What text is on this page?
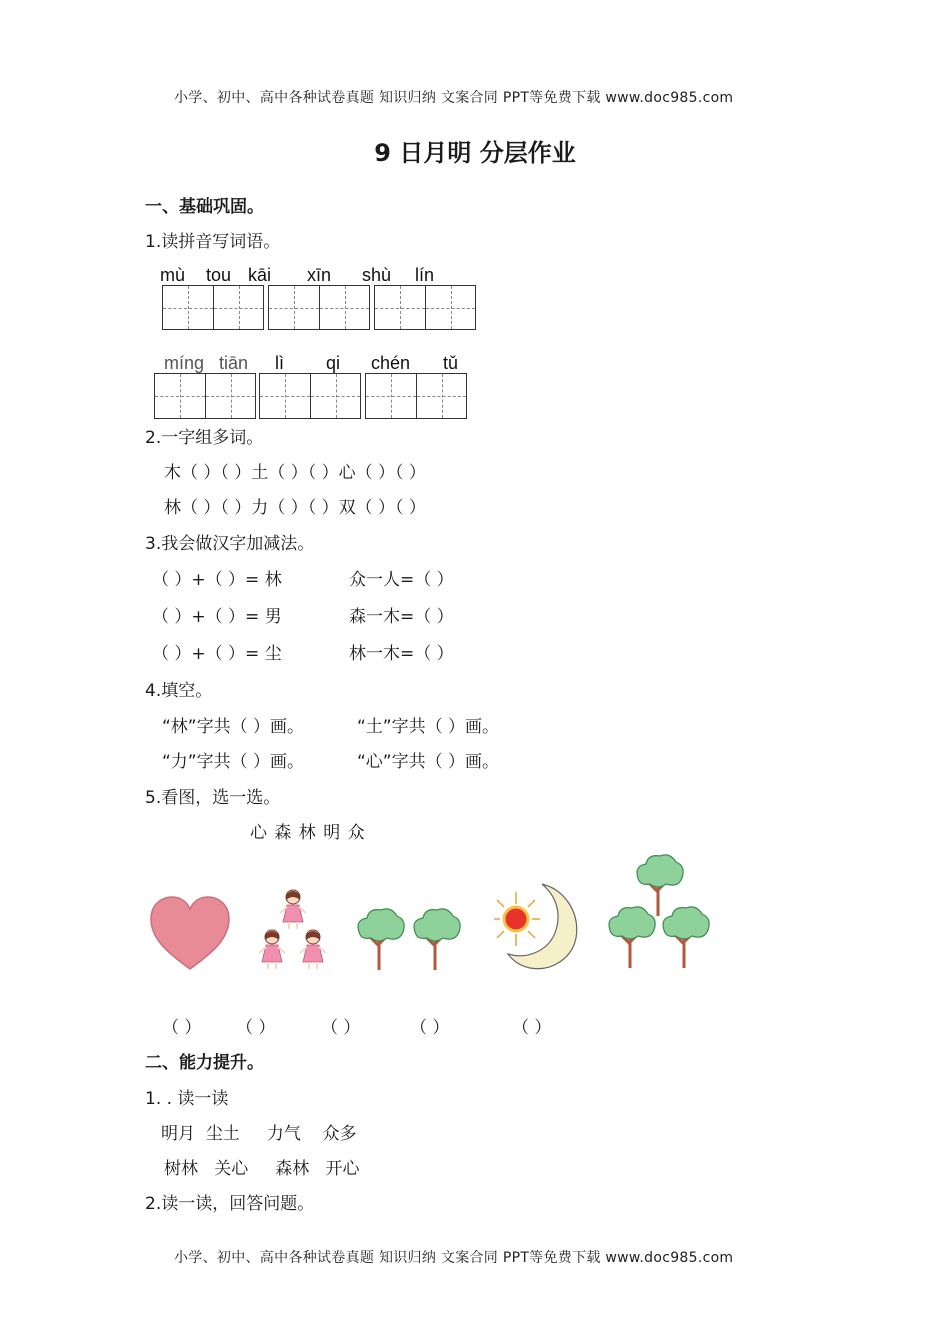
小学、初中、高中各种试卷真题 知识归纳 文案合同 PPT等免费下载 www.doc985.com
9 日月明 分层作业
一、基础巩固。
1.读拼音写词语。
mù tou kāi xīn shù lín
míng tiān lì qi chén tǔ
2.一字组多词。
木（ ）（ ）土（ ）（ ）心（ ）（ ）
林（ ）（ ）力（ ）（ ）双（ ）（ ）
3.我会做汉字加减法。
（ ）+（ ）= 林	众一人=（ ）
（ ）+（ ）= 男	森一木=（ ）
（ ）+（ ）= 尘	林一木=（ ）
4.填空。
“林”字共（ ）画。	“土”字共（ ）画。
“力”字共（ ）画。	“心”字共（ ）画。
5.看图，选一选。
心 森 林 明 众
（ ） （ ）	（ ）	（ ）	（ ）
二、能力提升。
1. . 读一读
明月  尘土     力气    众多
树林   关心     森林   开心
2.读一读，回答问题。
小学、初中、高中各种试卷真题 知识归纳 文案合同 PPT等免费下载 www.doc985.com
